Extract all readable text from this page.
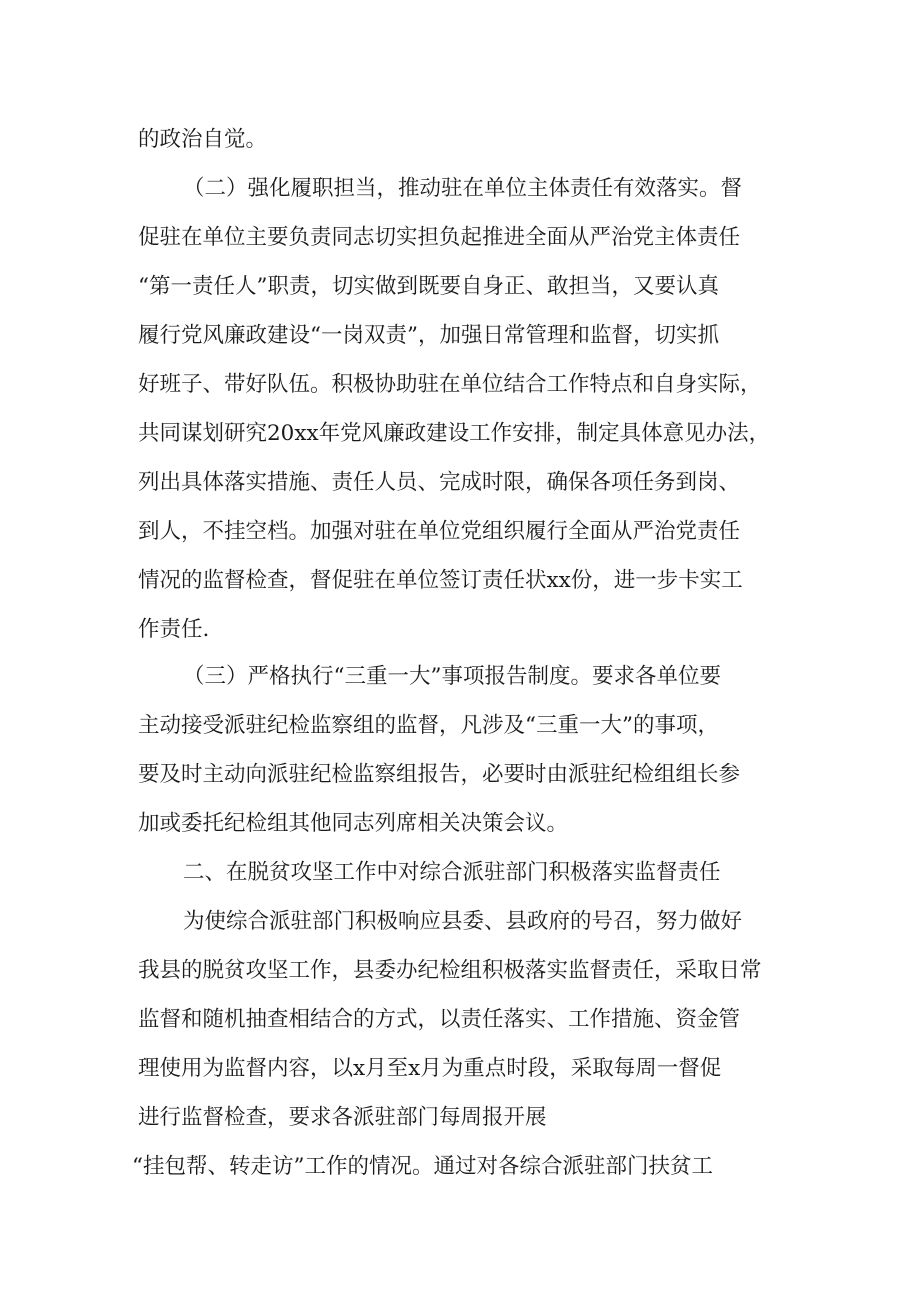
的政治自觉。
（二）强化履职担当，推动驻在单位主体责任有效落实。督
促驻在单位主要负责同志切实担负起推进全面从严治党主体责任
“第一责任人”职责，切实做到既要自身正、敢担当，又要认真
履行党风廉政建设“一岗双责”，加强日常管理和监督，切实抓
好班子、带好队伍。积极协助驻在单位结合工作特点和自身实际，
共同谋划研究20xx年党风廉政建设工作安排，制定具体意见办法，
列出具体落实措施、责任人员、完成时限，确保各项任务到岗、
到人，不挂空档。加强对驻在单位党组织履行全面从严治党责任
情况的监督检查，督促驻在单位签订责任状xx份，进一步卡实工
作责任.
（三）严格执行“三重一大”事项报告制度。要求各单位要
主动接受派驻纪检监察组的监督，凡涉及“三重一大”的事项，
要及时主动向派驻纪检监察组报告，必要时由派驻纪检组组长参
加或委托纪检组其他同志列席相关决策会议。
二、在脱贫攻坚工作中对综合派驻部门积极落实监督责任
为使综合派驻部门积极响应县委、县政府的号召，努力做好
我县的脱贫攻坚工作，县委办纪检组积极落实监督责任，采取日常
监督和随机抽查相结合的方式，以责任落实、工作措施、资金管
理使用为监督内容，以x月至x月为重点时段，采取每周一督促
进行监督检查，要求各派驻部门每周报开展
“挂包帮、转走访”工作的情况。通过对各综合派驻部门扶贫工
